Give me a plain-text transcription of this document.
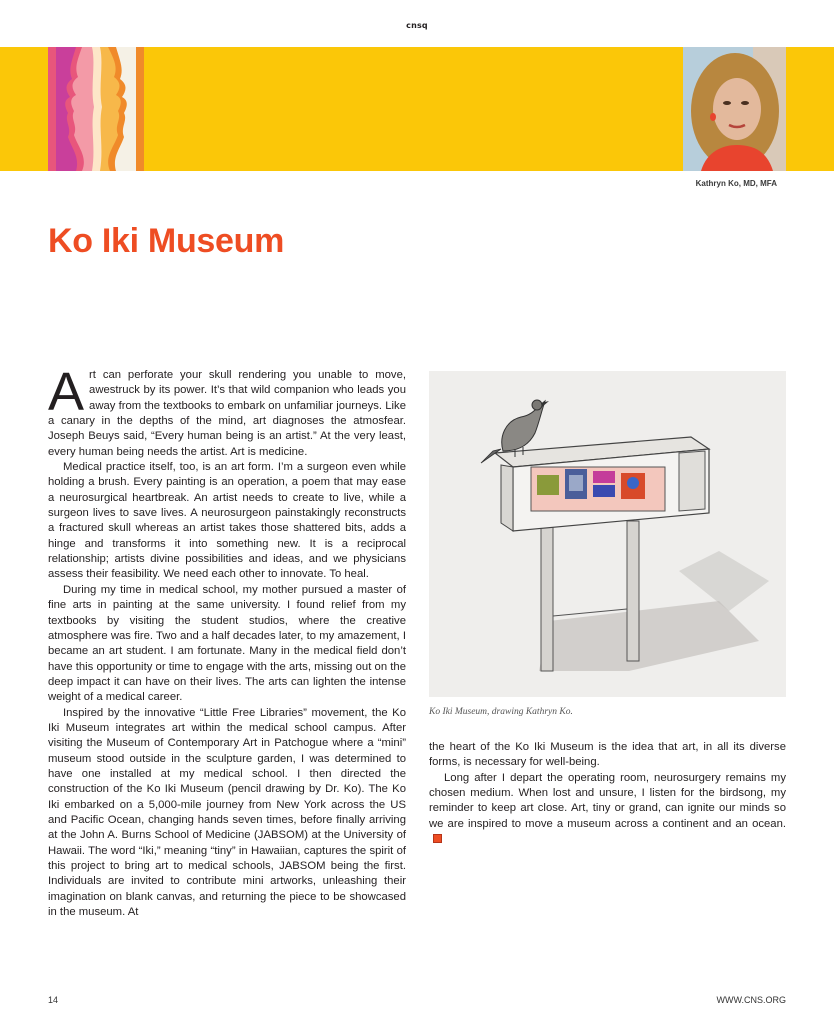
cnsq
Kathryn Ko, MD, MFA
Ko Iki Museum

Art can perforate your skull rendering you unable to move, awestruck by its power. It’s that wild companion who leads you away from the textbooks to embark on unfamiliar journeys. Like a canary in the depths of the mind, art diagnoses the atmosfear. Joseph Beuys said, “Every human being is an artist.” At the very least, every human being needs the artist. Art is medicine.

Medical practice itself, too, is an art form. I’m a surgeon even while holding a brush. Every painting is an operation, a poem that may ease a neurosurgical heartbreak. An artist needs to create to live, while a surgeon lives to save lives. A neurosurgeon painstakingly reconstructs a fractured skull whereas an artist takes those shattered bits, adds a hinge and transforms it into something new. It is a reciprocal relationship; artists divine possibilities and ideas, and we physicians assess their feasibility. We need each other to innovate. To heal.

During my time in medical school, my mother pursued a master of fine arts in painting at the same university. I found relief from my textbooks by visiting the student studios, where the creative atmosphere was fire. Two and a half decades later, to my amazement, I became an art student. I am fortunate. Many in the medical field don’t have this opportunity or time to engage with the arts, missing out on the deep impact it can have on their lives. The arts can lighten the intense weight of a medical career.

Inspired by the innovative “Little Free Libraries” movement, the Ko Iki Museum integrates art within the medical school campus. After visiting the Museum of Contemporary Art in Patchogue where a “mini” museum stood outside in the sculpture garden, I was determined to have one installed at my medical school. I then directed the construction of the Ko Iki Museum (pencil drawing by Dr. Ko). The Ko Iki embarked on a 5,000-mile journey from New York across the US and Pacific Ocean, changing hands seven times, before finally arriving at the John A. Burns School of Medicine (JABSOM) at the University of Hawaii. The word “Iki,” meaning “tiny” in Hawaiian, captures the spirit of this project to bring art to medical schools, JABSOM being the first. Individuals are invited to contribute mini artworks, unleashing their imagination on blank canvas, and returning the piece to be showcased in the museum. At

Ko Iki Museum, drawing Kathryn Ko.

the heart of the Ko Iki Museum is the idea that art, in all its diverse forms, is necessary for well-being.

Long after I depart the operating room, neurosurgery remains my chosen medium. When lost and unsure, I listen for the birdsong, my reminder to keep art close. Art, tiny or grand, can ignite our minds so we are inspired to move a museum across a continent and an ocean.

14	WWW.CNS.ORG
